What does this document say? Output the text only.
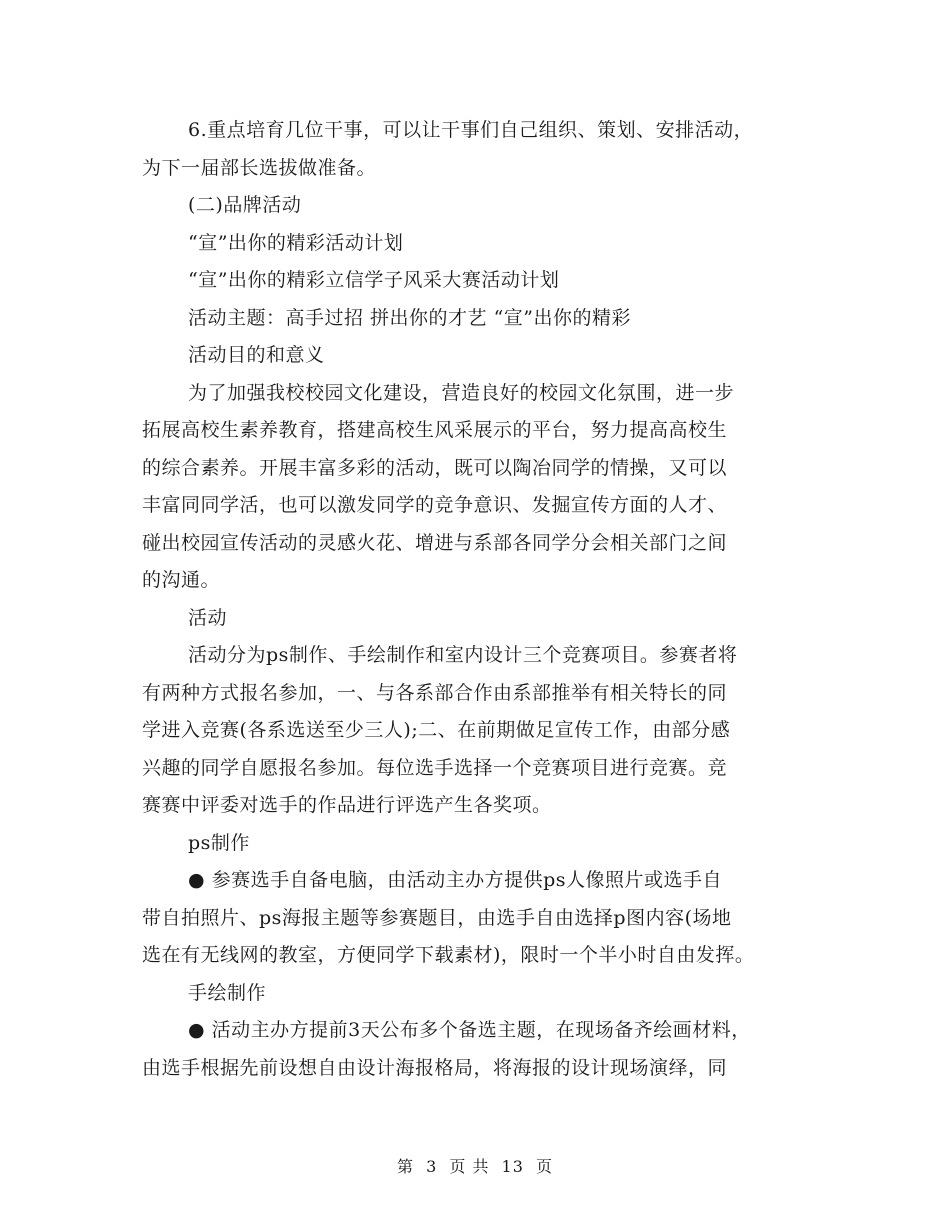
6.重点培育几位干事，可以让干事们自己组织、策划、安排活动，
为下一届部长选拔做准备。
(二)品牌活动
“宣”出你的精彩活动计划
“宣”出你的精彩立信学子风采大赛活动计划
活动主题：高手过招 拼出你的才艺 “宣”出你的精彩
活动目的和意义
为了加强我校校园文化建设，营造良好的校园文化氛围，进一步
拓展高校生素养教育，搭建高校生风采展示的平台，努力提高高校生
的综合素养。开展丰富多彩的活动，既可以陶冶同学的情操，又可以
丰富同同学活，也可以激发同学的竞争意识、发掘宣传方面的人才、
碰出校园宣传活动的灵感火花、增进与系部各同学分会相关部门之间
的沟通。
活动
活动分为ps制作、手绘制作和室内设计三个竞赛项目。参赛者将
有两种方式报名参加，一、与各系部合作由系部推举有相关特长的同
学进入竞赛(各系选送至少三人);二、在前期做足宣传工作，由部分感
兴趣的同学自愿报名参加。每位选手选择一个竞赛项目进行竞赛。竞
赛赛中评委对选手的作品进行评选产生各奖项。
ps制作
● 参赛选手自备电脑，由活动主办方提供ps人像照片或选手自
带自拍照片、ps海报主题等参赛题目，由选手自由选择p图内容(场地
选在有无线网的教室，方便同学下载素材)，限时一个半小时自由发挥。
手绘制作
● 活动主办方提前3天公布多个备选主题，在现场备齐绘画材料，
由选手根据先前设想自由设计海报格局，将海报的设计现场演绎，同
第 3 页 共 13 页
